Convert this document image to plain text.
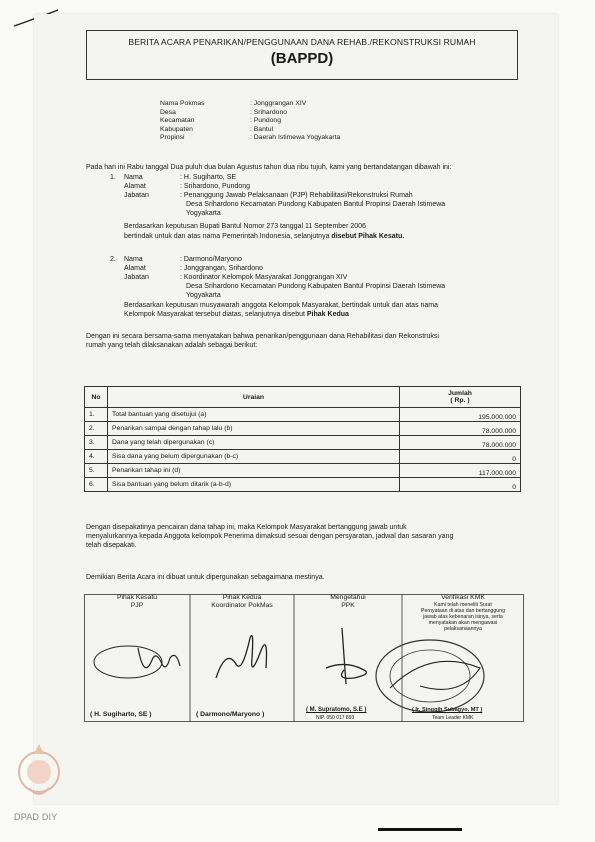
BERITA ACARA PENARIKAN/PENGGUNAAN DANA REHAB./REKONSTRUKSI RUMAH
(BAPPD)
Nama Pokmas	: Jonggrangan XIV
Desa	: Srihardono
Kecamatan	: Pundong
Kabupaten	: Bantul
Propinsi	: Daerah Istimewa Yogyakarta
Pada hari ini Rabu tanggal Dua puluh dua bulan Agustus tahun dua ribu tujuh, kami yang bertandatangan dibawah ini:
1. Nama	: H. Sugiharto, SE
Alamat	: Srihardono, Pundong
Jabatan	: Penanggung Jawab Pelaksanaan (PJP) Rehabilitasi/Rekonstruksi Rumah
Desa Srihardono Kecamatan Pundong Kabupaten Bantul Propinsi Daerah Istimewa
Yogyakarta
Berdasarkan keputusan Bupati Bantul Nomor 273 tanggal 11 September 2006
bertindak untuk dan atas nama Pemerintah Indonesia, selanjutnya disebut Pihak Kesatu.
2. Nama	: Darmono/Maryono
Alamat	: Jonggrangan, Srihardono
Jabatan	: Koordinator Kelompok Masyarakat Jonggrangan XIV
Desa Srihardono Kecamatan Pundong Kabupaten Bantul Propinsi Daerah Istimewa
Yogyakarta
Berdasarkan keputusan musyawarah anggota Kelompok Masyarakat, bertindak untuk dan atas nama
Kelompok Masyarakat tersebut diatas, selanjutnya disebut Pihak Kedua
Dengan ini secara bersama-sama menyatakan bahwa penarikan/penggunaan dana Rehabilitasi dan Rekonstruksi
rumah yang telah dilaksanakan adalah sebagai berikut:
No	Uraian	Jumlah
( Rp. )
1.	Total bantuan yang disetujui (a)	195.000.000
2.	Penarikan sampai dengan tahap lalu (b)	78.000.000
3.	Dana yang telah dipergunakan (c)	78.000.000
4.	Sisa dana yang belum dipergunakan (b-c)	0
5.	Penarikan tahap ini (d)	117.000.000
6.	Sisa bantuan yang belum ditarik (a-b-d)	0
Dengan disepakatinya pencairan dana tahap ini, maka Kelompok Masyarakat bertanggung jawab untuk
menyalurkannya kepada Anggota kelompok Penerima dimaksud sesuai dengan persyaratan, jadwal dan sasaran yang
telah disepakati.
Demikian Berita Acara ini dibuat untuk dipergunakan sebagaimana mestinya.
Pihak Kesatu
PJP
Pihak Kedua
Koordinator PokMas
Mengetahui
PPK
Verifikasi KMK
Kami telah meneliti Surat
Pernyataan di atas dan bertanggung
jawab atas kebenaran isinya, serta
menyatakan akan mengawasi
pelaksanaannya
( H. Sugiharto, SE )	( Darmono/Maryono )
( M. Supratomo, S.E )
NIP. 050 017 893
( Ir. Singgih Subagyo, MT )
Team Leader KMK
DPAD DIY
